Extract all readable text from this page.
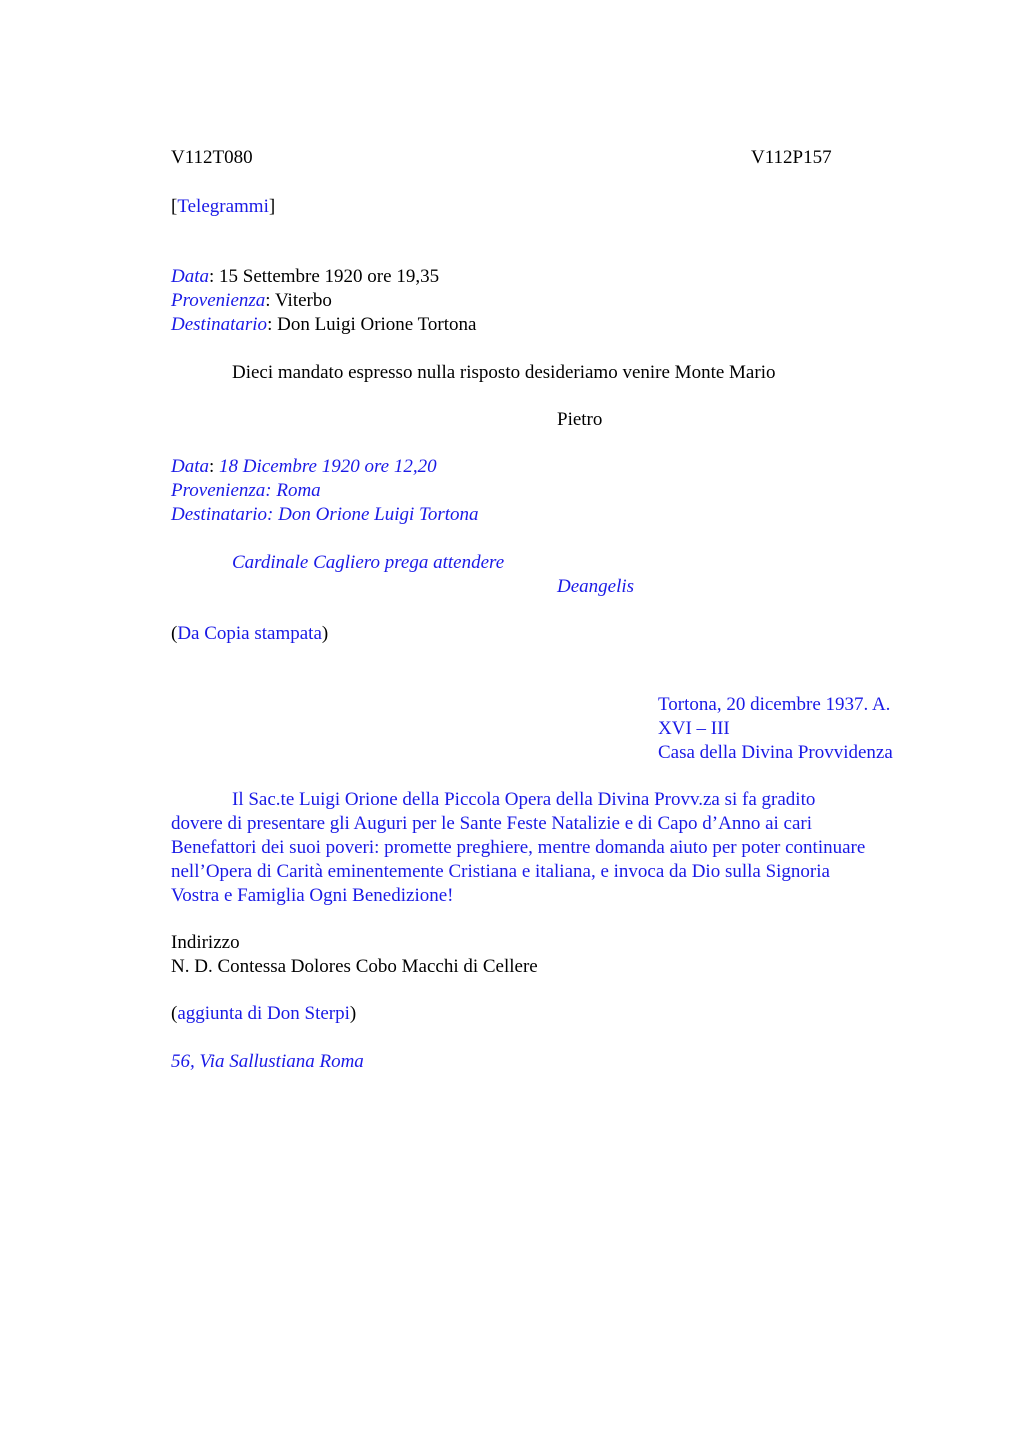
V112T080	V112P157
[Telegrammi]
Data: 15 Settembre 1920 ore 19,35
Provenienza: Viterbo
Destinatario: Don Luigi Orione Tortona
Dieci mandato espresso nulla risposto desideriamo venire Monte Mario
Pietro
Data: 18 Dicembre 1920 ore 12,20
Provenienza: Roma
Destinatario: Don Orione Luigi Tortona
Cardinale Cagliero prega attendere
Deangelis
(Da Copia stampata)
Tortona, 20 dicembre 1937. A.
XVI – III
Casa della Divina Provvidenza
Il Sac.te Luigi Orione della Piccola Opera della Divina Provv.za si fa gradito
dovere di presentare gli Auguri per le Sante Feste Natalizie e di Capo d’Anno ai cari
Benefattori dei suoi poveri: promette preghiere, mentre domanda aiuto per poter continuare
nell’Opera di Carità eminentemente Cristiana e italiana, e invoca da Dio sulla Signoria
Vostra e Famiglia Ogni Benedizione!
Indirizzo
N. D. Contessa Dolores Cobo Macchi di Cellere
(aggiunta di Don Sterpi)
56, Via Sallustiana Roma
